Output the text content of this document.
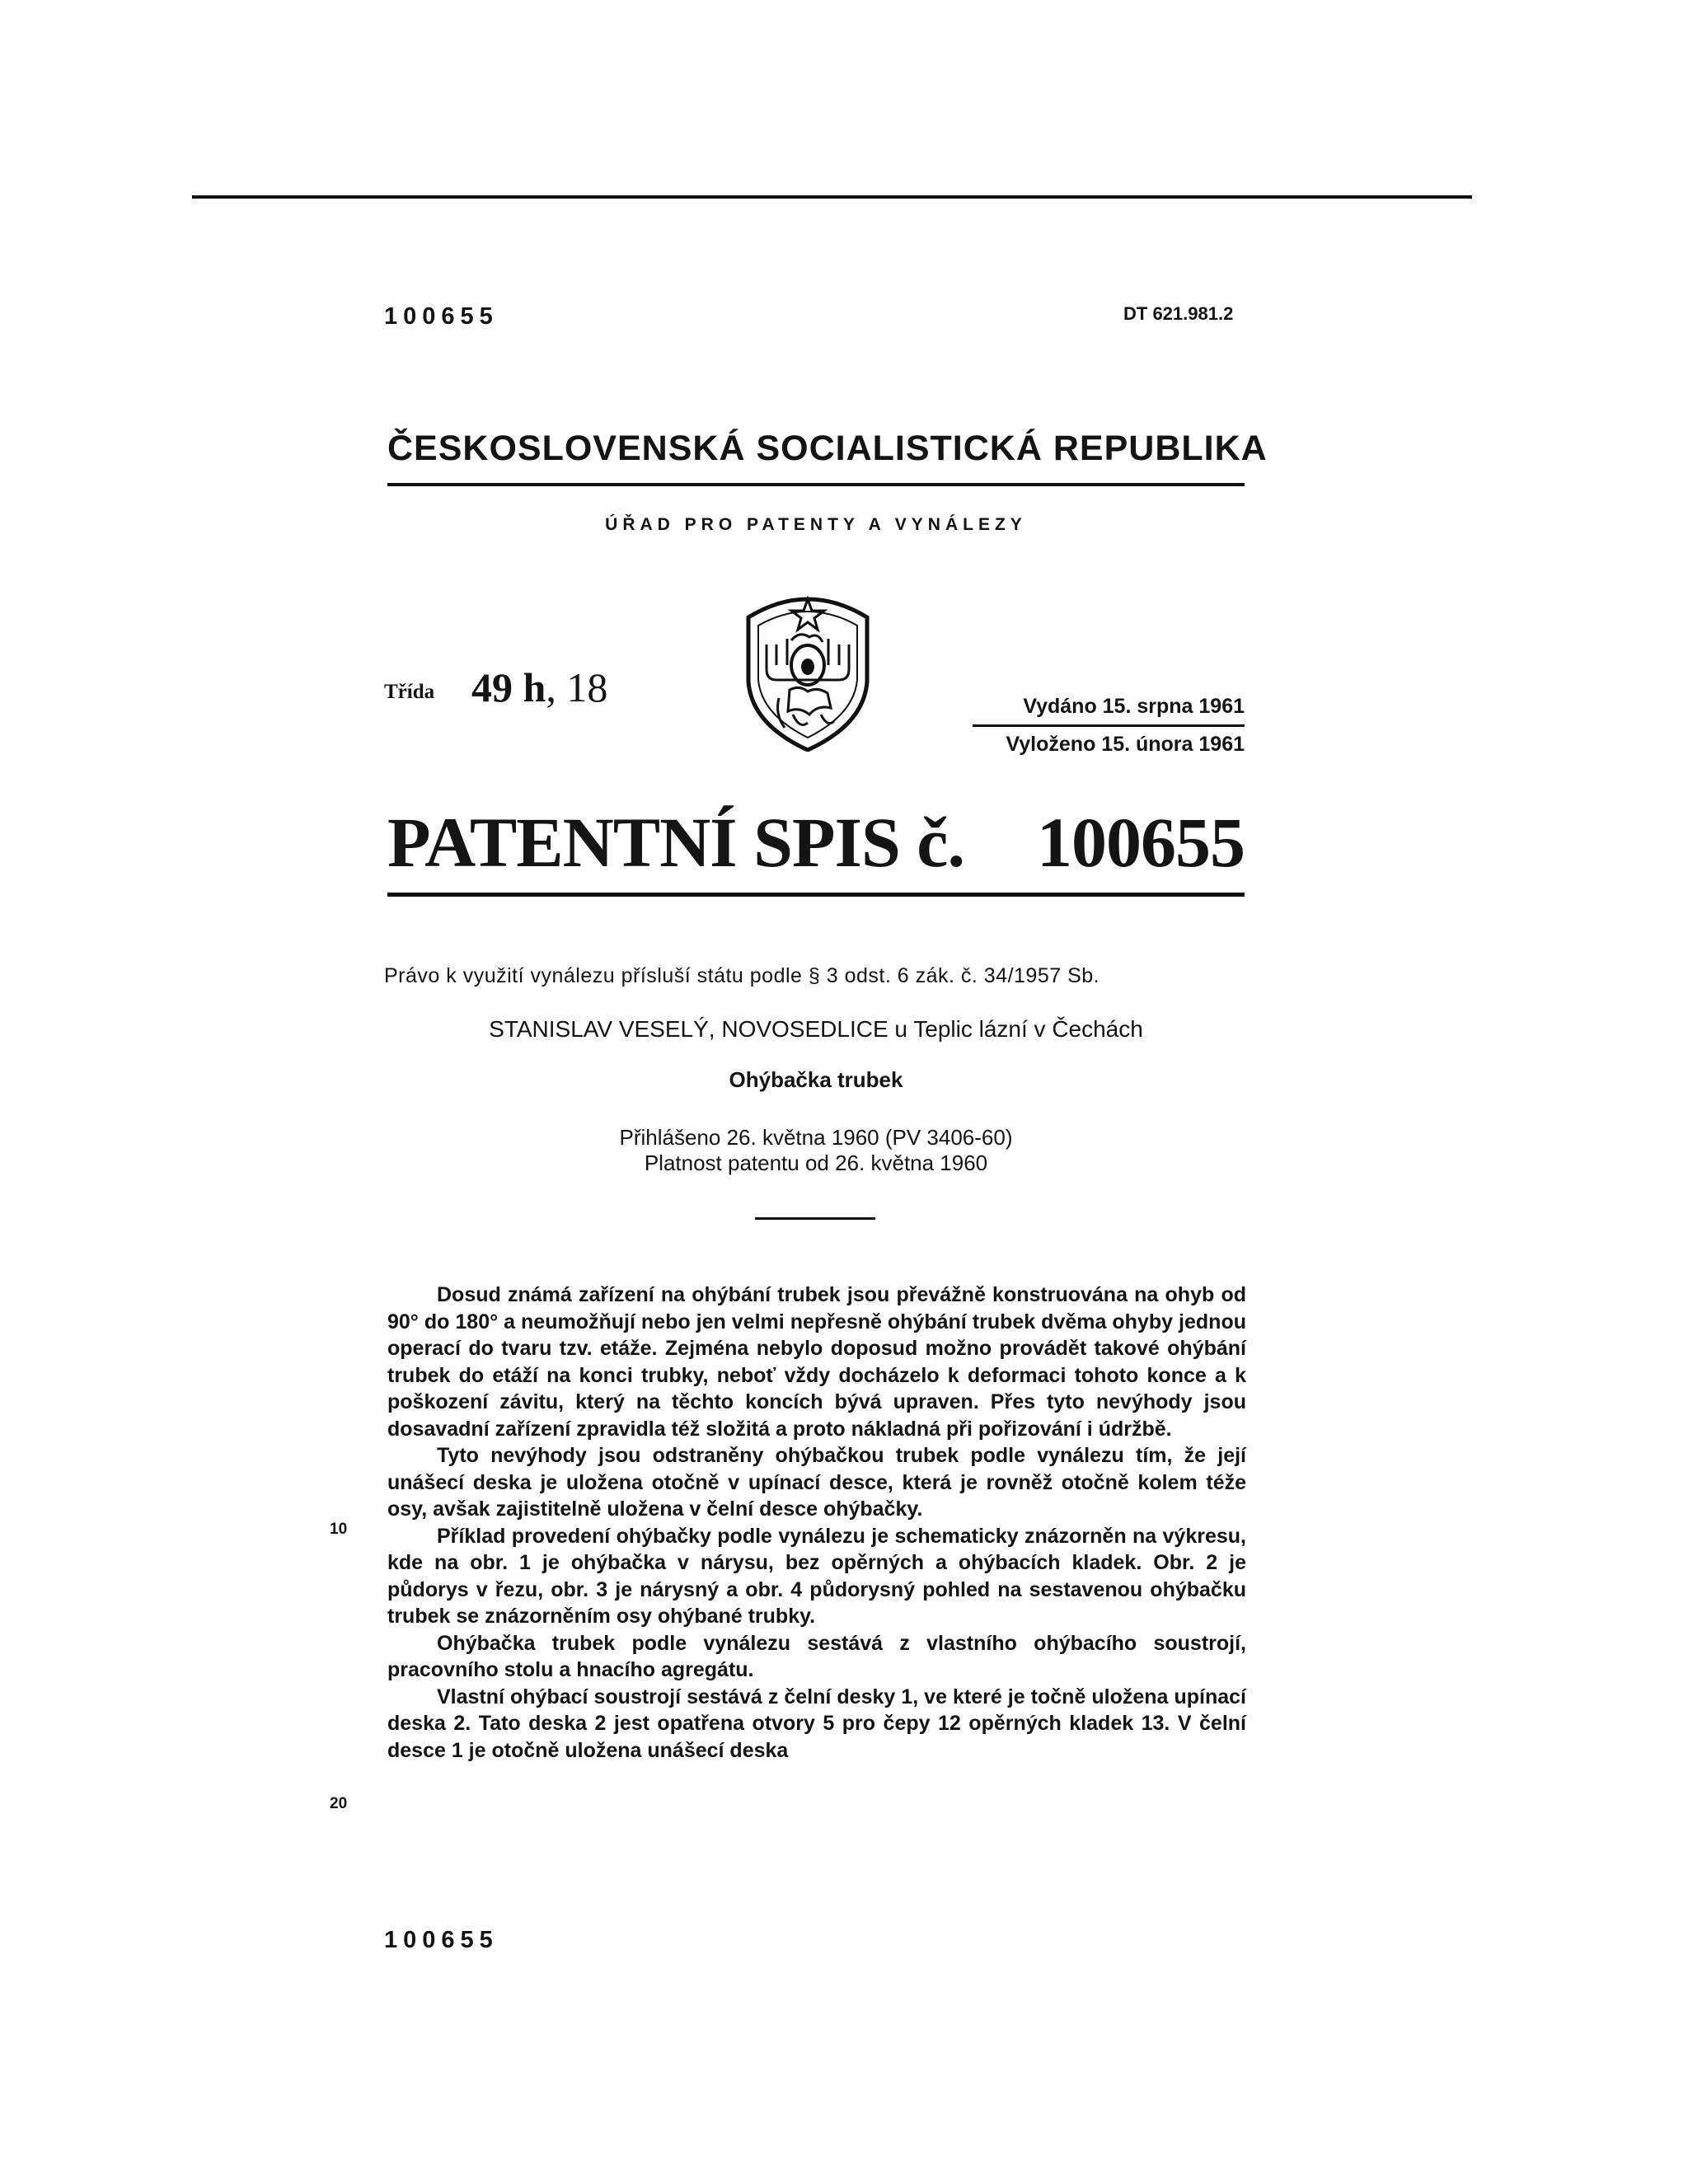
100655	DT 621.981.2
ČESKOSLOVENSKÁ SOCIALISTICKÁ REPUBLIKA
ÚŘAD PRO PATENTY A VYNÁLEZY
Třída 49 h, 18	Vydáno 15. srpna 1961
Vyloženo 15. února 1961
PATENTNÍ SPIS č. 100655
Právo k využití vynálezu přísluší státu podle § 3 odst. 6 zák. č. 34/1957 Sb.
STANISLAV VESELÝ, NOVOSEDLICE u Teplic lázní v Čechách
Ohýbačka trubek
Přihlášeno 26. května 1960 (PV 3406-60)
Platnost patentu od 26. května 1960

Dosud známá zařízení na ohýbání trubek jsou převážně konstruována na ohyb od 90° do 180° a neumožňují nebo jen velmi nepřesně ohýbání trubek dvěma ohyby jednou operací do tvaru tzv. etáže. Zejména nebylo doposud možno provádět takové ohýbání trubek do etáží na konci trubky, neboť vždy docházelo k deformaci tohoto konce a k poškození závitu, který na těchto koncích bývá upraven. Přes tyto nevýhody jsou dosavadní zařízení zpravidla též složitá a proto nákladná při pořizování i údržbě.

Tyto nevýhody jsou odstraněny ohýbačkou trubek podle vynálezu tím, že její unášecí deska je uložena otočně v upínací desce, která je rovněž otočně kolem téže osy, avšak zajistitelně uložena v čelní desce ohýbačky.

Příklad provedení ohýbačky podle vynálezu je schematicky znázorněn na výkresu, kde na obr. 1 je ohýbačka v nárysu, bez opěrných a ohýbacích kladek. Obr. 2 je půdorys v řezu, obr. 3 je nárysný a obr. 4 půdorysný pohled na sestavenou ohýbačku trubek se znázorněním osy ohýbané trubky.

Ohýbačka trubek podle vynálezu sestává z vlastního ohýbacího soustrojí, pracovního stolu a hnacího agregátu.

Vlastní ohýbací soustrojí sestává z čelní desky 1, ve které je točně uložena upínací deska 2. Tato deska 2 jest opatřena otvory 5 pro čepy 12 opěrných kladek 13. V čelní desce 1 je otočně uložena unášecí deska

10
20
100655
